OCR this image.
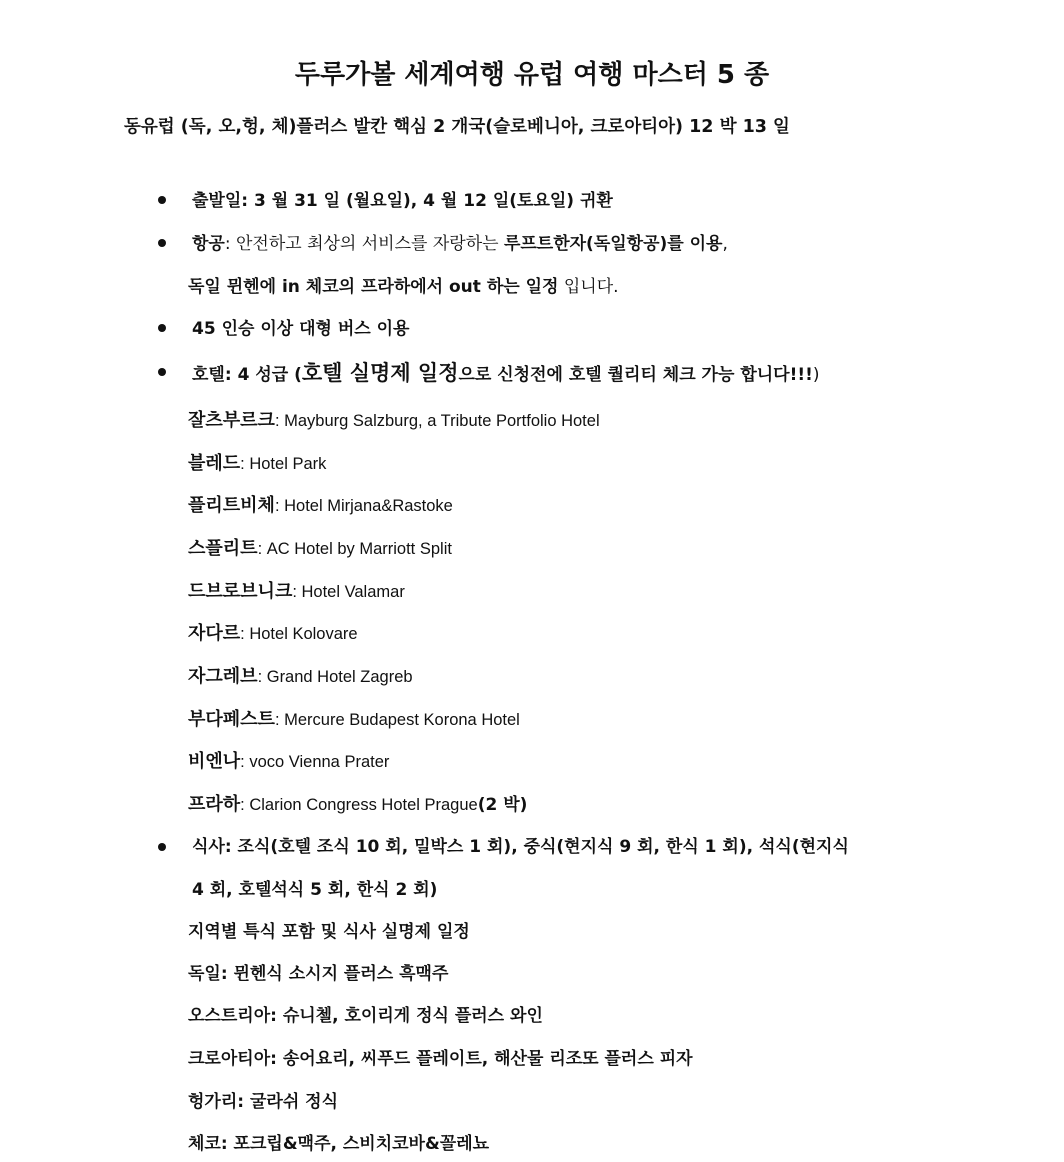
두루가볼 세계여행 유럽 여행 마스터 5 종
동유럽 (독, 오,헝, 체)플러스 발칸 핵심 2 개국(슬로베니아, 크로아티아) 12 박 13 일
출발일: 3 월 31 일 (월요일), 4 월 12 일(토요일) 귀환
항공: 안전하고 최상의 서비스를 자랑하는 루프트한자(독일항공)를 이용,
독일 뮌헨에 in 체코의 프라하에서 out 하는 일정 입니다.
45 인승 이상 대형 버스 이용
호텔: 4 성급 (호텔 실명제 일정으로 신청전에 호텔 퀄리티 체크 가능 합니다!!!)
잘츠부르크: Mayburg Salzburg, a Tribute Portfolio Hotel
블레드: Hotel Park
플리트비체: Hotel Mirjana&Rastoke
스플리트: AC Hotel by Marriott Split
드브로브니크: Hotel Valamar
자다르: Hotel Kolovare
자그레브: Grand Hotel Zagreb
부다페스트: Mercure Budapest Korona Hotel
비엔나: voco Vienna Prater
프라하: Clarion Congress Hotel Prague(2 박)
식사: 조식(호텔 조식 10 회, 밀박스 1 회), 중식(현지식 9 회, 한식 1 회), 석식(현지식
4 회, 호텔석식 5 회, 한식 2 회)
지역별 특식 포함 및 식사 실명제 일정
독일: 뮌헨식 소시지 플러스 흑맥주
오스트리아: 슈니첼, 호이리게 정식 플러스 와인
크로아티아: 송어요리, 씨푸드 플레이트, 해산물 리조또 플러스 피자
헝가리: 굴라쉬 정식
체코: 포크립&맥주, 스비치코바&꼴레뇨
